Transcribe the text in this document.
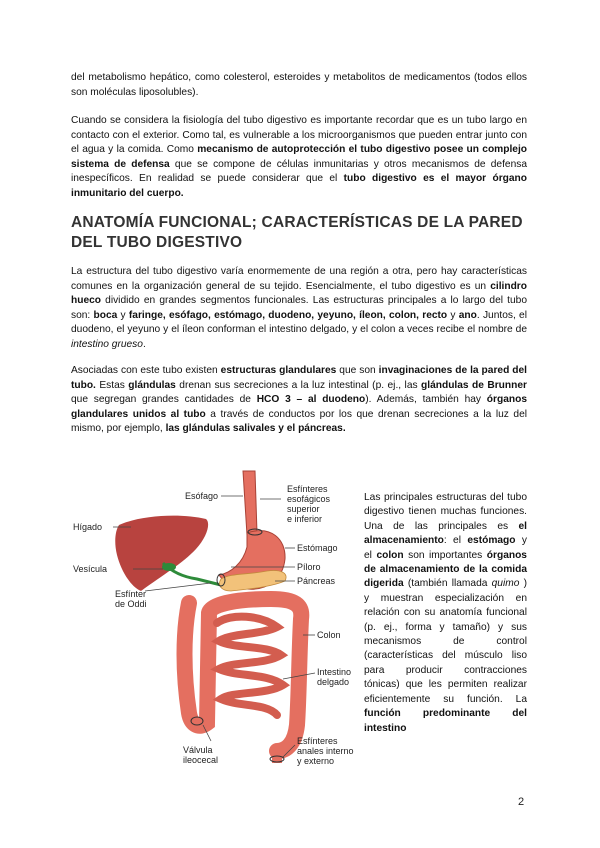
del metabolismo hepático, como colesterol, esteroides y metabolitos de medicamentos (todos ellos son moléculas liposolubles).

Cuando se considera la fisiología del tubo digestivo es importante recordar que es un tubo largo en contacto con el exterior. Como tal, es vulnerable a los microorganismos que pueden entrar junto con el agua y la comida. Como mecanismo de autoprotección el tubo digestivo posee un complejo sistema de defensa que se compone de células inmunitarias y otros mecanismos de defensa inespecíficos. En realidad se puede considerar que el tubo digestivo es el mayor órgano inmunitario del cuerpo.

ANATOMÍA FUNCIONAL; CARACTERÍSTICAS DE LA PARED DEL TUBO DIGESTIVO

La estructura del tubo digestivo varía enormemente de una región a otra, pero hay características comunes en la organización general de su tejido. Esencialmente, el tubo digestivo es un cilindro hueco dividido en grandes segmentos funcionales. Las estructuras principales a lo largo del tubo son: boca y faringe, esófago, estómago, duodeno, yeyuno, íleon, colon, recto y ano. Juntos, el duodeno, el yeyuno y el íleon conforman el intestino delgado, y el colon a veces recibe el nombre de intestino grueso.

Asociadas con este tubo existen estructuras glandulares que son invaginaciones de la pared del tubo. Estas glándulas drenan sus secreciones a la luz intestinal (p. ej., las glándulas de Brunner que segregan grandes cantidades de HCO 3 – al duodeno). Además, también hay órganos glandulares unidos al tubo a través de conductos por los que drenan secreciones a la luz del mismo, por ejemplo, las glándulas salivales y el páncreas.

Esófago
Esfínteres
esofágicos
superior
e inferior
Hígado
Estómago
Píloro
Vesícula
Páncreas
Esfínter
de Oddi
Colon
Intestino
delgado
Válvula
ileocecal
Esfínteres
anales interno
y externo

Las principales estructuras del tubo digestivo tienen muchas funciones. Una de las principales es el almacenamiento: el estómago y el colon son importantes órganos de almacenamiento de la comida digerida (también llamada quimo ) y muestran especialización en relación con su anatomía funcional (p. ej., forma y tamaño) y sus mecanismos de control (características del músculo liso para producir contracciones tónicas) que les permiten realizar eficientemente su función. La función predominante del intestino

2
